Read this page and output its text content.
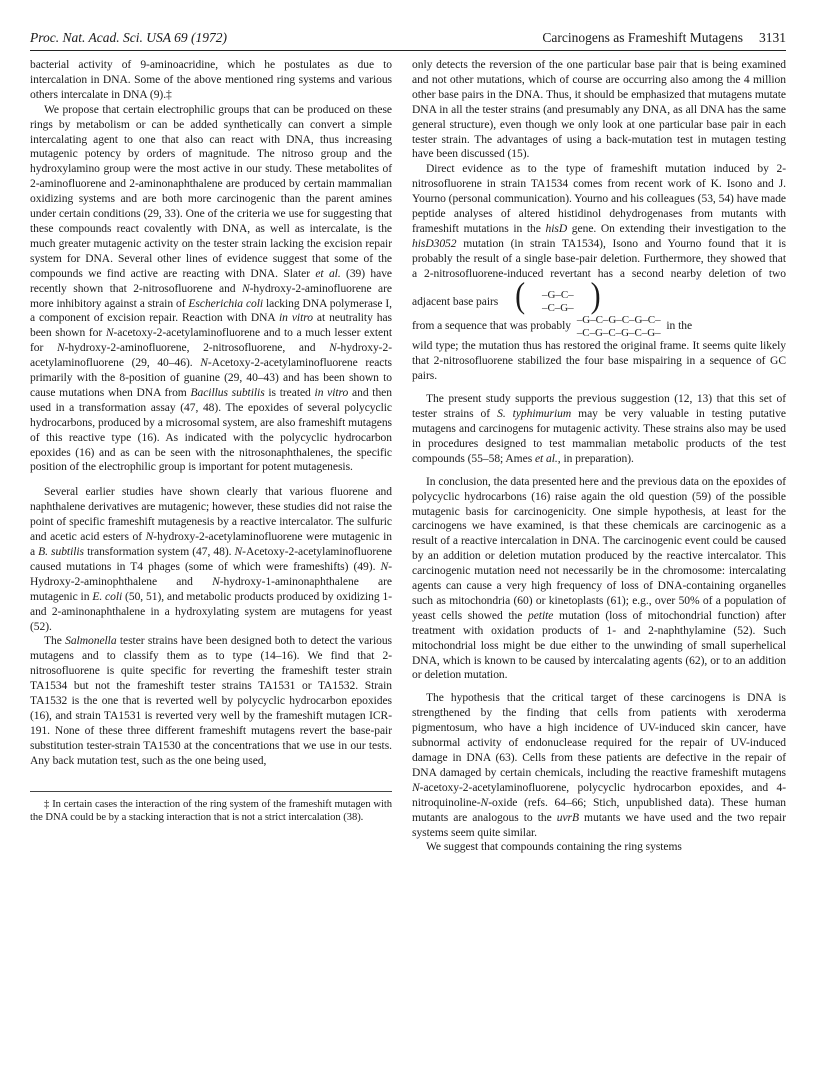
Proc. Nat. Acad. Sci. USA 69 (1972)	Carcinogens as Frameshift Mutagens 3131

bacterial activity of 9-aminoacridine, which he postulates as due to intercalation in DNA. Some of the above mentioned ring systems and various others intercalate in DNA (9).‡

We propose that certain electrophilic groups that can be produced on these rings by metabolism or can be added synthetically can convert a simple intercalating agent to one that also can react with DNA, thus increasing mutagenic potency by orders of magnitude. The nitroso group and the hydroxylamino group were the most active in our study. These metabolites of 2-aminofluorene and 2-aminonaphthalene are produced by certain mammalian oxidizing systems and are both more carcinogenic than the parent amines under certain conditions (29, 33). One of the criteria we use for suggesting that these compounds react covalently with DNA, as well as intercalate, is the much greater mutagenic activity on the tester strain lacking the excision repair system for DNA. Several other lines of evidence suggest that some of the compounds we find active are reacting with DNA. Slater et al. (39) have recently shown that 2-nitrosofluorene and N-hydroxy-2-aminofluorene are more inhibitory against a strain of Escherichia coli lacking DNA polymerase I, a component of excision repair. Reaction with DNA in vitro at neutrality has been shown for N-acetoxy-2-acetylaminofluorene and to a much lesser extent for N-hydroxy-2-aminofluorene, 2-nitrosofluorene, and N-hydroxy-2-acetylaminofluorene (29, 40–46). N-Acetoxy-2-acetylaminofluorene reacts primarily with the 8-position of guanine (29, 40–43) and has been shown to cause mutations when DNA from Bacillus subtilis is treated in vitro and then used in a transformation assay (47, 48). The epoxides of several polycyclic hydrocarbons, produced by a microsomal system, are also frameshift mutagens of this reactive type (16). As indicated with the polycyclic hydrocarbon epoxides (16) and as can be seen with the nitrosonaphthalenes, the specific position of the electrophilic group is important for potent mutagenesis.

Several earlier studies have shown clearly that various fluorene and naphthalene derivatives are mutagenic; however, these studies did not raise the point of specific frameshift mutagenesis by a reactive intercalator. The sulfuric and acetic acid esters of N-hydroxy-2-acetylaminofluorene were mutagenic in a B. subtilis transformation system (47, 48). N-Acetoxy-2-acetylaminofluorene caused mutations in T4 phages (some of which were frameshifts) (49). N-Hydroxy-2-aminophthalene and N-hydroxy-1-aminonaphthalene are mutagenic in E. coli (50, 51), and metabolic products produced by oxidizing 1- and 2-aminonaphthalene in a hydroxylating system are mutagens for yeast (52).

The Salmonella tester strains have been designed both to detect the various mutagens and to classify them as to type (14–16). We find that 2-nitrosofluorene is quite specific for reverting the frameshift tester strain TA1534 but not the frameshift tester strains TA1531 or TA1532. Strain TA1532 is the one that is reverted well by polycyclic hydrocarbon epoxides (16), and strain TA1531 is reverted very well by the frameshift mutagen ICR-191. None of these three different frameshift mutagens revert the base-pair substitution tester-strain TA1530 at the concentrations that we use in our tests. Any back mutation test, such as the one being used,

‡ In certain cases the interaction of the ring system of the frameshift mutagen with the DNA could be by a stacking interaction that is not a strict intercalation (38).

only detects the reversion of the one particular base pair that is being examined and not other mutations, which of course are occurring also among the 4 million other base pairs in the DNA. Thus, it should be emphasized that mutagens mutate DNA in all the tester strains (and presumably any DNA, as all DNA has the same general structure), even though we only look at one particular base pair in each tester strain. The advantages of using a back-mutation test in mutagen testing have been discussed (15).

Direct evidence as to the type of frameshift mutation induced by 2-nitrosofluorene in strain TA1534 comes from recent work of K. Isono and J. Yourno (personal communication). Yourno and his colleagues (53, 54) have made peptide analyses of altered histidinol dehydrogenases from mutants with frameshift mutations in the hisD gene. On extending their investigation to the hisD3052 mutation (in strain TA1534), Isono and Yourno found that it is probably the result of a single base-pair deletion. Furthermore, they showed that a 2-nitrosofluorene-induced revertant has a second nearby deletion of two adjacent base pairs (	–G–C–
–C–G– )

from a sequence that was probably
–G–C–G–C–G–C–
–C–G–C–G–C–G–
in the

wild type; the mutation thus has restored the original frame. It seems quite likely that 2-nitrosofluorene stabilized the four base mispairing in a sequence of GC pairs.

The present study supports the previous suggestion (12, 13) that this set of tester strains of S. typhimurium may be very valuable in testing putative mutagens and carcinogens for mutagenic activity. These strains also may be used in procedures designed to test mammalian metabolic products of the test compounds (55–58; Ames et al., in preparation).

In conclusion, the data presented here and the previous data on the epoxides of polycyclic hydrocarbons (16) raise again the old question (59) of the possible mutagenic basis for carcinogenicity. One simple hypothesis, at least for the carcinogens we have examined, is that these chemicals are carcinogenic as a result of a reactive intercalation in DNA. The carcinogenic event could be caused by an addition or deletion mutation produced by the reactive intercalator. This carcinogenic mutation need not necessarily be in the chromosome: intercalating agents can cause a very high frequency of loss of DNA-containing organelles such as mitochondria (60) or kinetoplasts (61); e.g., over 50% of a population of yeast cells showed the petite mutation (loss of mitochondrial function) after treatment with oxidation products of 1- and 2-naphthylamine (52). Such mitochondrial loss might be due either to the unwinding of small superhelical DNA, which is known to be caused by intercalating agents (62), or to an addition or deletion mutation.

The hypothesis that the critical target of these carcinogens is DNA is strengthened by the finding that cells from patients with xeroderma pigmentosum, who have a high incidence of UV-induced skin cancer, have subnormal activity of endonuclease required for the repair of UV-induced damage in DNA (63). Cells from these patients are defective in the repair of DNA damaged by certain chemicals, including the reactive frameshift mutagens N-acetoxy-2-acetylaminofluorene, polycyclic hydrocarbon epoxides, and 4-nitroquinoline-N-oxide (refs. 64–66; Stich, unpublished data). These human mutants are analogous to the uvrB mutants we have used and the two repair systems seem quite similar.

We suggest that compounds containing the ring systems
